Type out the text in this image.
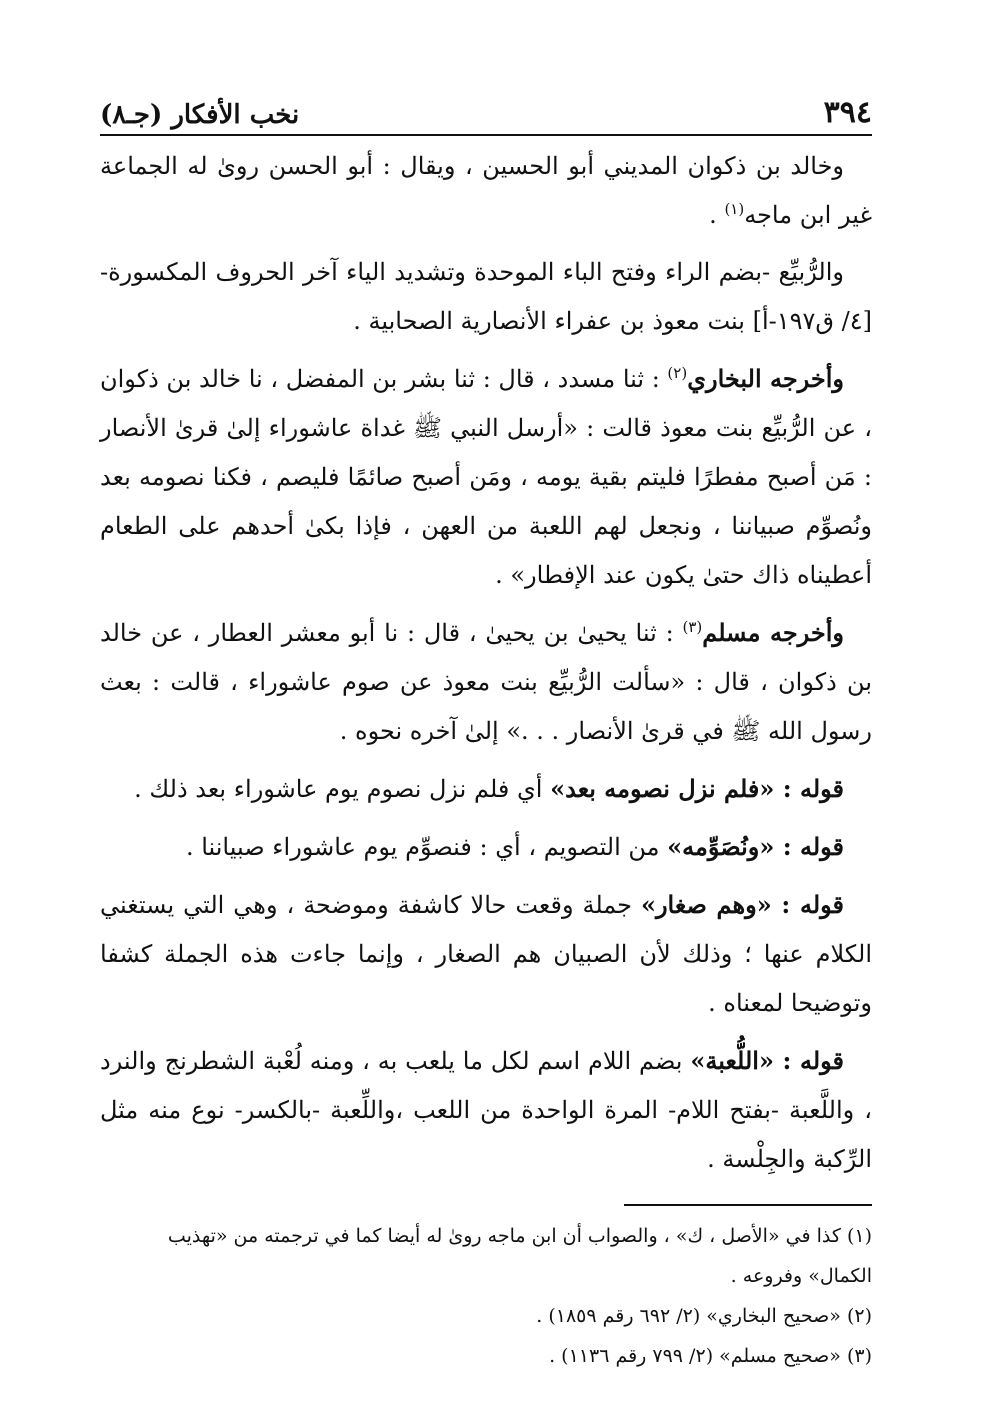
٣٩٤
نخب الأفكار (جـ٨)

وخالد بن ذكوان المديني أبو الحسين ، ويقال : أبو الحسن روىٰ له الجماعة غير ابن ماجه$^{(١)}$ .

والرُّبيِّع -بضم الراء وفتح الباء الموحدة وتشديد الياء آخر الحروف المكسورة- [٤/ ق١٩٧-أ] بنت معوذ بن عفراء الأنصارية الصحابية .

وأخرجه البخاري$^{(٢)}$ : ثنا مسدد ، قال : ثنا بشر بن المفضل ، نا خالد بن ذكوان ، عن الرُّبيِّع بنت معوذ قالت : «أرسل النبي ﷺ غداة عاشوراء إلىٰ قرىٰ الأنصار : مَن أصبح مفطرًا فليتم بقية يومه ، ومَن أصبح صائمًا فليصم ، فكنا نصومه بعد ونُصوِّم صبياننا ، ونجعل لهم اللعبة من العهن ، فإذا بكىٰ أحدهم على الطعام أعطيناه ذاك حتىٰ يكون عند الإفطار» .

وأخرجه مسلم$^{(٣)}$ : ثنا يحيىٰ بن يحيىٰ ، قال : نا أبو معشر العطار ، عن خالد بن ذكوان ، قال : «سألت الرُّبيِّع بنت معوذ عن صوم عاشوراء ، قالت : بعث رسول الله ﷺ في قرىٰ الأنصار . . .» إلىٰ آخره نحوه .

قوله : «فلم نزل نصومه بعد» أي فلم نزل نصوم يوم عاشوراء بعد ذلك .

قوله : «ونُصَوِّمه» من التصويم ، أي : فنصوِّم يوم عاشوراء صبياننا .

قوله : «وهم صغار» جملة وقعت حالا كاشفة وموضحة ، وهي التي يستغني الكلام عنها ؛ وذلك لأن الصبيان هم الصغار ، وإنما جاءت هذه الجملة كشفا وتوضيحا لمعناه .

قوله : «اللُّعبة» بضم اللام اسم لكل ما يلعب به ، ومنه لُعْبة الشطرنج والنرد ، واللَّعبة -بفتح اللام- المرة الواحدة من اللعب ،واللِّعبة -بالكسر- نوع منه مثل الرِّكبة والجِلْسة .

(١) كذا في «الأصل ، ك» ، والصواب أن ابن ماجه روىٰ له أيضا كما في ترجمته من «تهذيب الكمال» وفروعه .

(٢) «صحيح البخاري» (٢/ ٦٩٢ رقم ١٨٥٩) .

(٣) «صحيح مسلم» (٢/ ٧٩٩ رقم ١١٣٦) .
